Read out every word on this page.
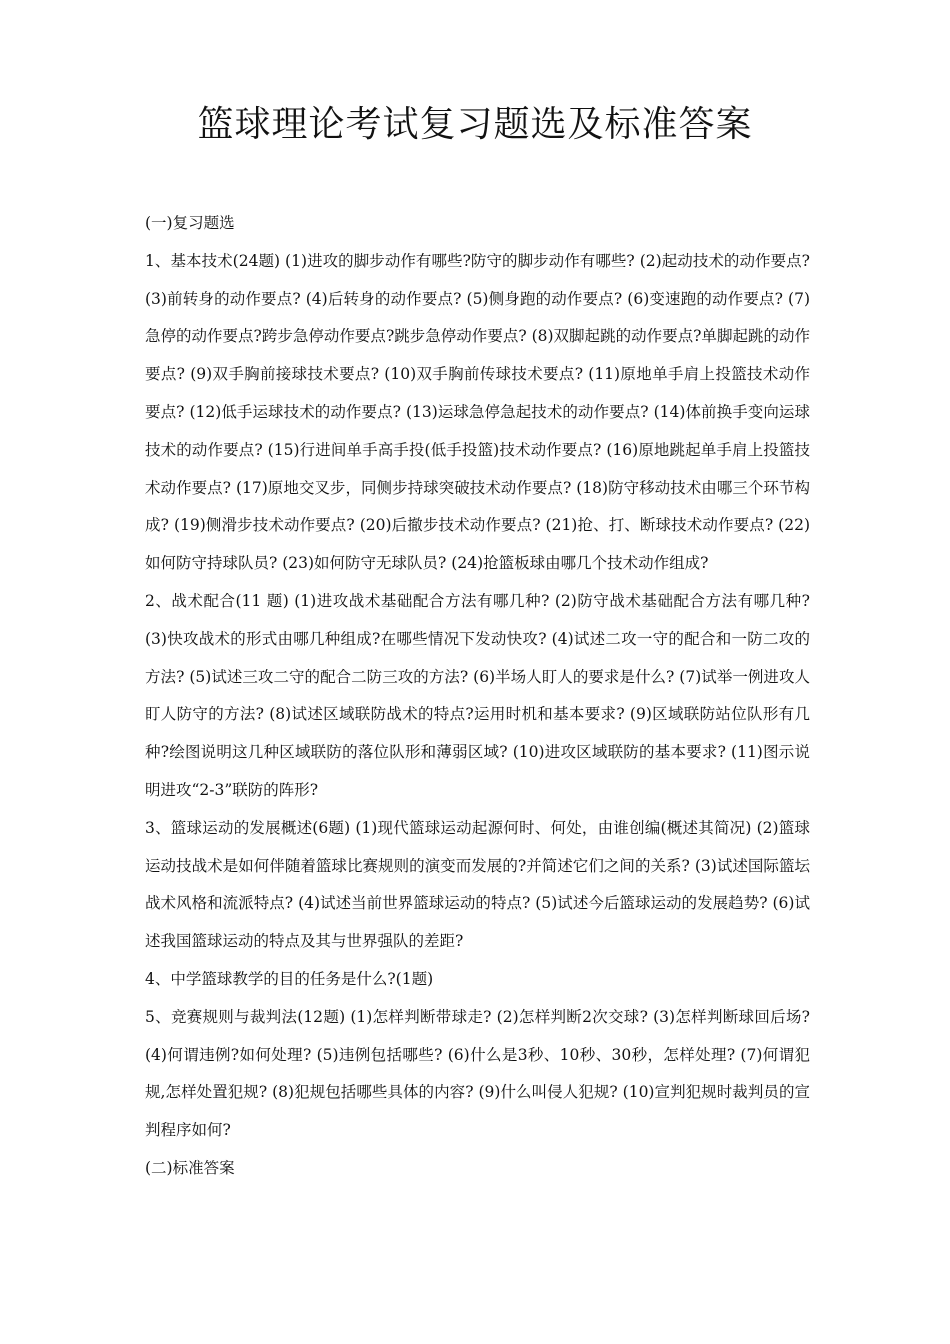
篮球理论考试复习题选及标准答案

(一)复习题选

1、基本技术(24题) (1)进攻的脚步动作有哪些?防守的脚步动作有哪些? (2)起动技术的动作要点? (3)前转身的动作要点? (4)后转身的动作要点? (5)侧身跑的动作要点? (6)变速跑的动作要点? (7)急停的动作要点?跨步急停动作要点?跳步急停动作要点? (8)双脚起跳的动作要点?单脚起跳的动作要点? (9)双手胸前接球技术要点? (10)双手胸前传球技术要点? (11)原地单手肩上投篮技术动作要点? (12)低手运球技术的动作要点? (13)运球急停急起技术的动作要点? (14)体前换手变向运球技术的动作要点? (15)行进间单手高手投(低手投篮)技术动作要点? (16)原地跳起单手肩上投篮技术动作要点? (17)原地交叉步，同侧步持球突破技术动作要点? (18)防守移动技术由哪三个环节构成? (19)侧滑步技术动作要点? (20)后撤步技术动作要点? (21)抢、打、断球技术动作要点? (22)如何防守持球队员? (23)如何防守无球队员? (24)抢篮板球由哪几个技术动作组成?

2、战术配合(11 题) (1)进攻战术基础配合方法有哪几种? (2)防守战术基础配合方法有哪几种? (3)快攻战术的形式由哪几种组成?在哪些情况下发动快攻? (4)试述二攻一守的配合和一防二攻的方法? (5)试述三攻二守的配合二防三攻的方法? (6)半场人盯人的要求是什么? (7)试举一例进攻人盯人防守的方法? (8)试述区域联防战术的特点?运用时机和基本要求? (9)区域联防站位队形有几种?绘图说明这几种区域联防的落位队形和薄弱区域? (10)进攻区域联防的基本要求? (11)图示说明进攻“2-3”联防的阵形?

3、篮球运动的发展概述(6题) (1)现代篮球运动起源何时、何处，由谁创编(概述其简况) (2)篮球运动技战术是如何伴随着篮球比赛规则的演变而发展的?并简述它们之间的关系? (3)试述国际篮坛战术风格和流派特点? (4)试述当前世界篮球运动的特点? (5)试述今后篮球运动的发展趋势? (6)试述我国篮球运动的特点及其与世界强队的差距?

4、中学篮球教学的目的任务是什么?(1题)

5、竞赛规则与裁判法(12题) (1)怎样判断带球走? (2)怎样判断2次交球? (3)怎样判断球回后场? (4)何谓违例?如何处理? (5)违例包括哪些? (6)什么是3秒、10秒、30秒，怎样处理? (7)何谓犯规,怎样处置犯规? (8)犯规包括哪些具体的内容? (9)什么叫侵人犯规? (10)宣判犯规时裁判员的宣判程序如何?

(二)标准答案
